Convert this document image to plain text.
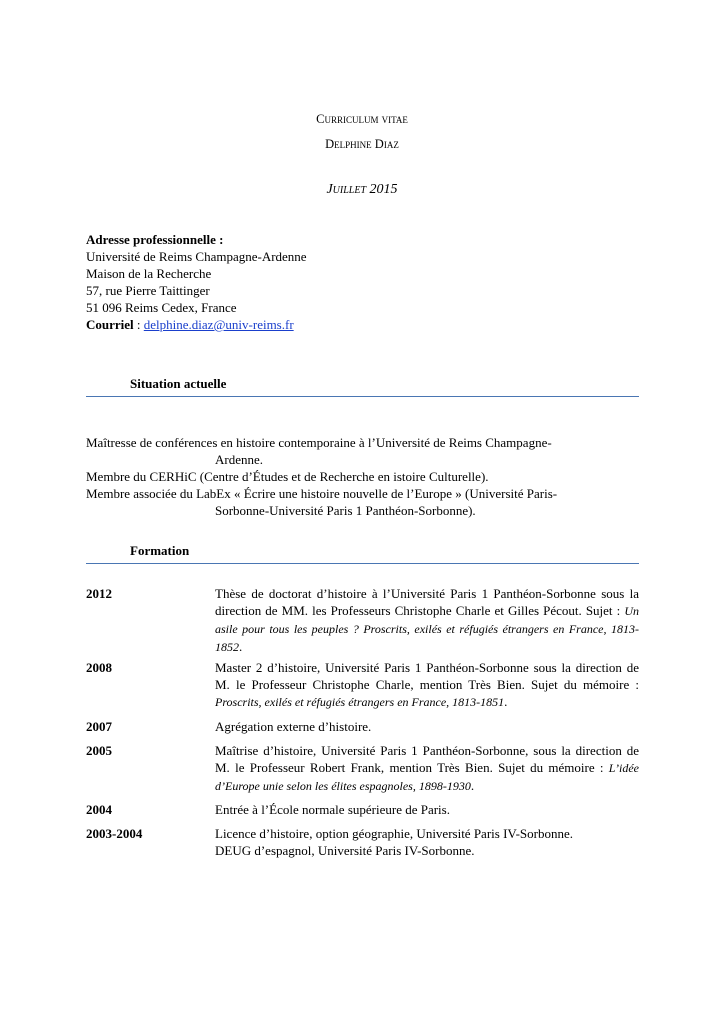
Curriculum vitae
Delphine Diaz
Juillet 2015
Adresse professionnelle :
Université de Reims Champagne-Ardenne
Maison de la Recherche
57, rue Pierre Taittinger
51 096 Reims Cedex, France
Courriel : delphine.diaz@univ-reims.fr
Situation actuelle
Maîtresse de conférences en histoire contemporaine à l’Université de Reims Champagne-
Ardenne.
Membre du CERHiC (Centre d’Études et de Recherche en istoire Culturelle).
Membre associée du LabEx « Écrire une histoire nouvelle de l’Europe » (Université Paris-
Sorbonne-Université Paris 1 Panthéon-Sorbonne).
Formation
2012	Thèse de doctorat d’histoire à l’Université Paris 1 Panthéon-Sorbonne sous la direction de MM. les Professeurs Christophe Charle et Gilles Pécout. Sujet : Un asile pour tous les peuples ? Proscrits, exilés et réfugiés étrangers en France, 1813-1852.
2008	Master 2 d’histoire, Université Paris 1 Panthéon-Sorbonne sous la direction de M. le Professeur Christophe Charle, mention Très Bien. Sujet du mémoire : Proscrits, exilés et réfugiés étrangers en France, 1813-1851.
2007	Agrégation externe d’histoire.
2005	Maîtrise d’histoire, Université Paris 1 Panthéon-Sorbonne, sous la direction de M. le Professeur Robert Frank, mention Très Bien. Sujet du mémoire : L’idée d’Europe unie selon les élites espagnoles, 1898-1930.
2004	Entrée à l’École normale supérieure de Paris.
2003-2004	Licence d’histoire, option géographie, Université Paris IV-Sorbonne.
DEUG d’espagnol, Université Paris IV-Sorbonne.
